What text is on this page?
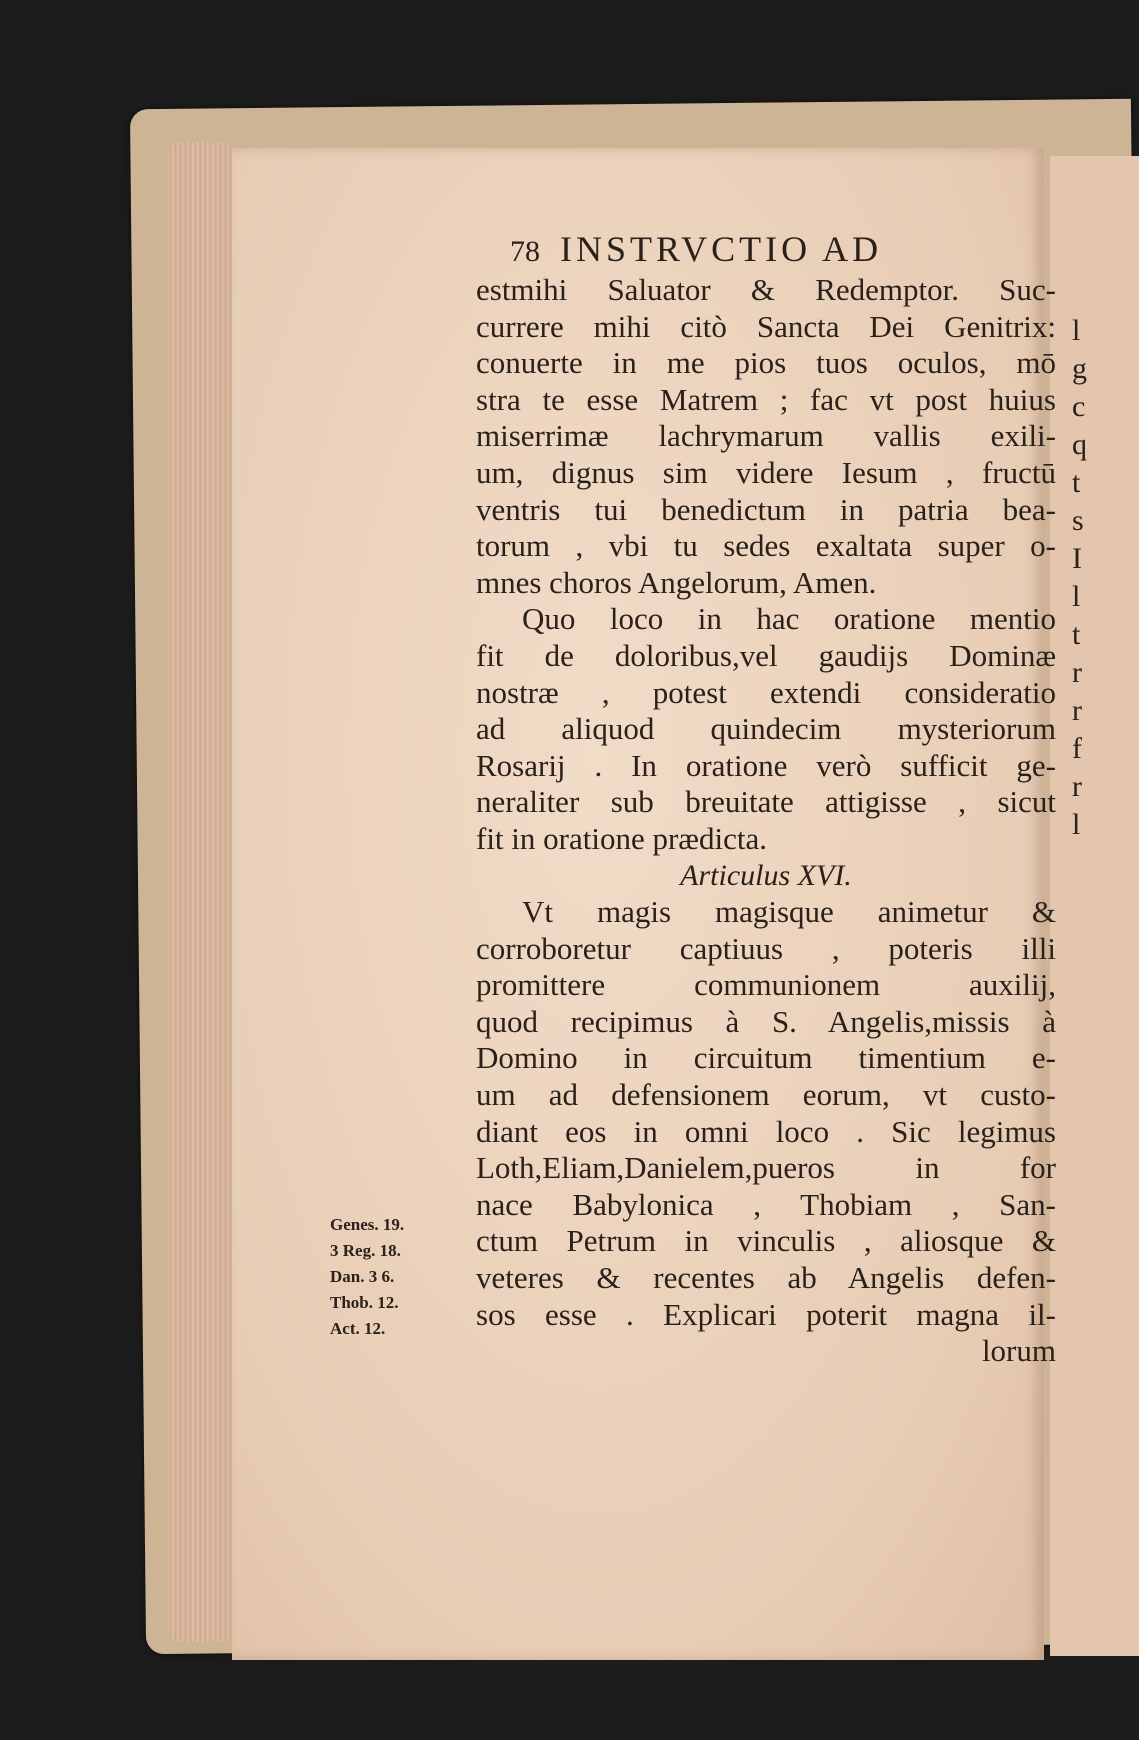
l
g
c
q
t
s
I
l
t
r
r
f
r
l
78 INSTRVCTIO AD
estmihi Saluator & Redemptor. Suc-
currere mihi citò Sancta Dei Genitrix:
conuerte in me pios tuos oculos, mō
stra te esse Matrem ; fac vt post huius
miserrimæ lachrymarum vallis exili-
um, dignus sim videre Iesum , fructū
ventris tui benedictum in patria bea-
torum , vbi tu sedes exaltata super o-
mnes choros Angelorum, Amen.
Quo loco in hac oratione mentio
fit de doloribus,vel gaudijs Dominæ
nostræ , potest extendi consideratio
ad aliquod quindecim mysteriorum
Rosarij . In oratione verò sufficit ge-
neraliter sub breuitate attigisse , sicut
fit in oratione prædicta.
Articulus XVI.
Vt magis magisque animetur &
corroboretur captiuus , poteris illi
promittere communionem auxilij,
quod recipimus à S. Angelis,missis à
Domino in circuitum timentium e-
um ad defensionem eorum, vt custo-
diant eos in omni loco . Sic legimus
Loth,Eliam,Danielem,pueros in for
nace Babylonica , Thobiam , San-
ctum Petrum in vinculis , aliosque &
veteres & recentes ab Angelis defen-
sos esse . Explicari poterit magna il-
lorum
Genes. 19.
3 Reg. 18.
Dan. 3 6.
Thob. 12.
Act. 12.
